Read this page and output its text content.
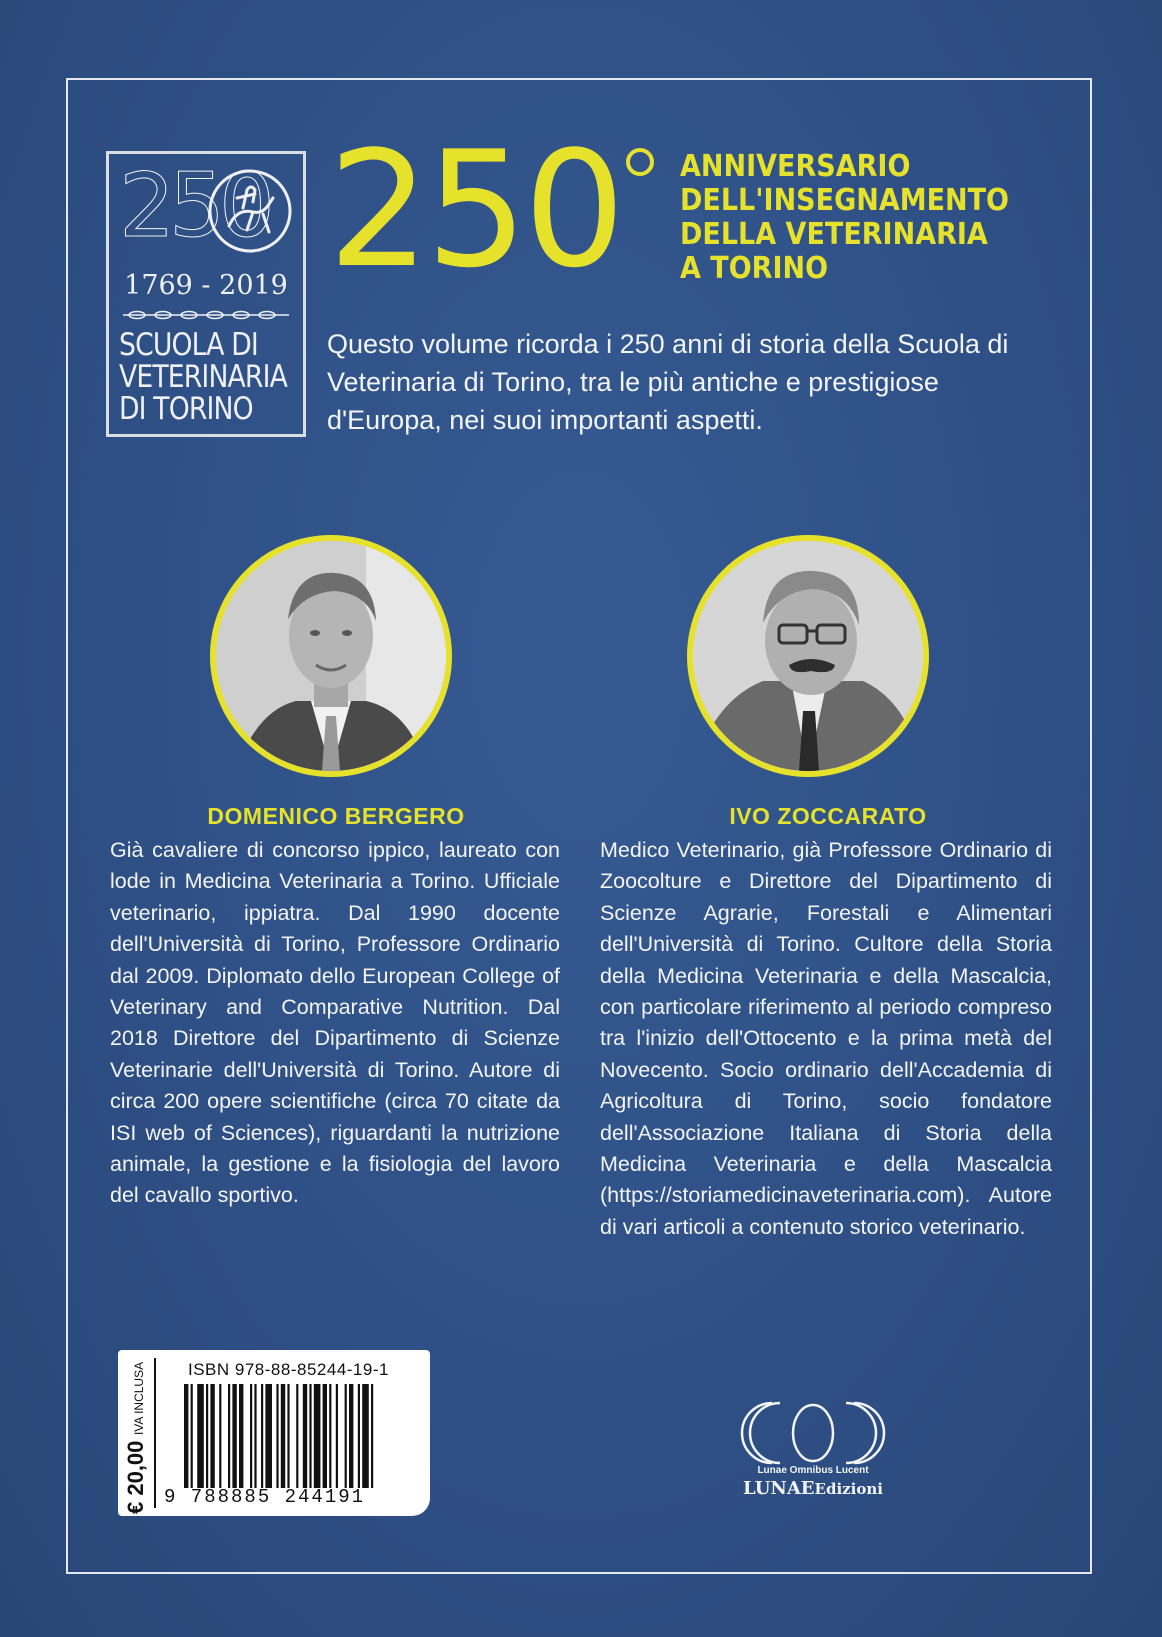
250
1769 - 2019
SCUOLA DI
VETERINARIA
DI TORINO
250 ANNIVERSARIO
DELL'INSEGNAMENTO
DELLA VETERINARIA
A TORINO
Questo volume ricorda i 250 anni di storia della Scuola di Veterinaria di Torino, tra le più antiche e prestigiose d'Europa, nei suoi importanti aspetti.
DOMENICO BERGERO	IVO ZOCCARATO
Già cavaliere di concorso ippico, laureato con lode in Medicina Veterinaria a Torino. Ufficiale veterinario, ippiatra. Dal 1990 docente dell'Università di Torino, Professore Ordinario dal 2009. Diplomato dello European College of Veterinary and Comparative Nutrition. Dal 2018 Direttore del Dipartimento di Scienze Veterinarie dell'Università di Torino. Autore di circa 200 opere scientifiche (circa 70 citate da ISI web of Sciences), riguardanti la nutrizione animale, la gestione e la fisiologia del lavoro del cavallo sportivo.
Medico Veterinario, già Professore Ordinario di Zoocolture e Direttore del Dipartimento di Scienze Agrarie, Forestali e Alimentari dell'Università di Torino. Cultore della Storia della Medicina Veterinaria e della Mascalcia, con particolare riferimento al periodo compreso tra l'inizio dell'Ottocento e la prima metà del Novecento. Socio ordinario dell'Accademia di Agricoltura di Torino, socio fondatore dell'Associazione Italiana di Storia della Medicina Veterinaria e della Mascalcia (https://storiamedicinaveterinaria.com). Autore di vari articoli a contenuto storico veterinario.
€ 20,00 IVA INCLUSA	ISBN 978-88-85244-19-1
9 788885 244191
Lunae Omnibus Lucent
LUNAEEdizioni
